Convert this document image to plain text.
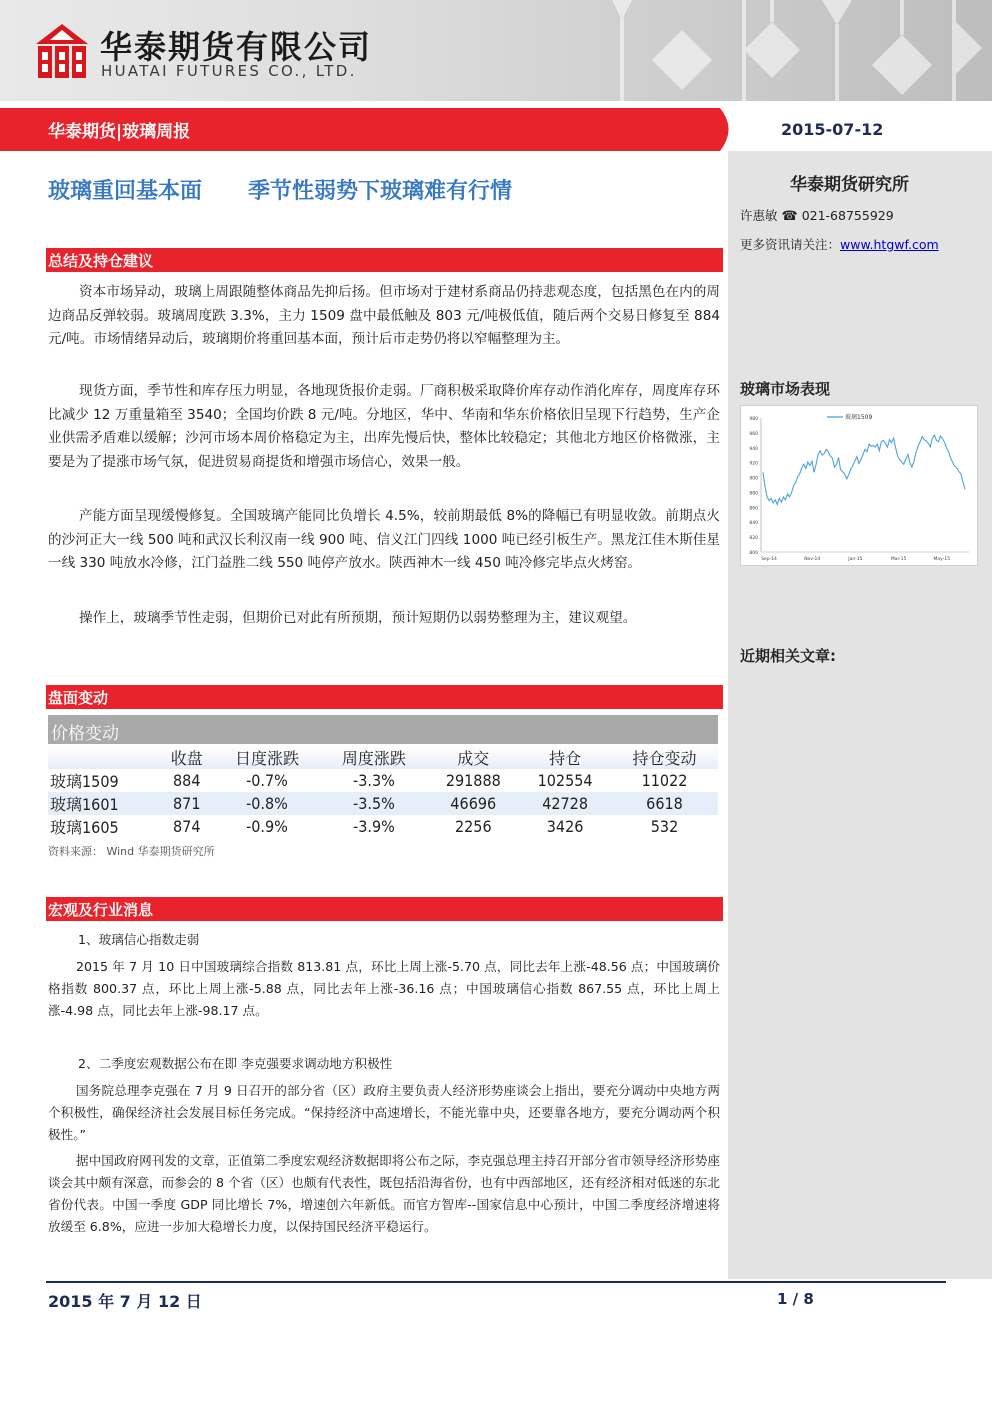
华泰期货有限公司
HUATAI FUTURES CO., LTD.
华泰期货|玻璃周报	2015-07-12
华泰期货研究所
许惠敏 ☎ 021-68755929
更多资讯请关注：www.htgwf.com
玻璃市场表现
980
960
940
920
900
880
860
840
820
800
Sep-14	Nov-14	Jan-15	Mar-15	May-15
玻璃1509
近期相关文章:
玻璃重回基本面 季节性弱势下玻璃难有行情
总结及持仓建议
资本市场异动，玻璃上周跟随整体商品先抑后扬。但市场对于建材系商品仍持悲观态度，包括黑色在内的周边商品反弹较弱。玻璃周度跌 3.3%，主力 1509 盘中最低触及 803 元/吨极低值，随后两个交易日修复至 884 元/吨。市场情绪异动后，玻璃期价将重回基本面，预计后市走势仍将以窄幅整理为主。
现货方面，季节性和库存压力明显，各地现货报价走弱。厂商积极采取降价库存动作消化库存，周度库存环比减少 12 万重量箱至 3540；全国均价跌 8 元/吨。分地区，华中、华南和华东价格依旧呈现下行趋势，生产企业供需矛盾难以缓解；沙河市场本周价格稳定为主，出库先慢后快，整体比较稳定；其他北方地区价格微涨，主要是为了提涨市场气氛，促进贸易商提货和增强市场信心，效果一般。
产能方面呈现缓慢修复。全国玻璃产能同比负增长 4.5%，较前期最低 8%的降幅已有明显收敛。前期点火的沙河正大一线 500 吨和武汉长利汉南一线 900 吨、信义江门四线 1000 吨已经引板生产。黑龙江佳木斯佳星一线 330 吨放水冷修，江门益胜二线 550 吨停产放水。陕西神木一线 450 吨冷修完毕点火烤窑。
操作上，玻璃季节性走弱，但期价已对此有所预期，预计短期仍以弱势整理为主，建议观望。
盘面变动
价格变动
	收盘	日度涨跌	周度涨跌	成交	持仓	持仓变动
玻璃1509	884	-0.7%	-3.3%	291888	102554	11022
玻璃1601	871	-0.8%	-3.5%	46696	42728	6618
玻璃1605	874	-0.9%	-3.9%	2256	3426	532
资料来源： Wind 华泰期货研究所
宏观及行业消息
1、玻璃信心指数走弱
2015 年 7 月 10 日中国玻璃综合指数 813.81 点，环比上周上涨-5.70 点，同比去年上涨-48.56 点；中国玻璃价格指数 800.37 点，环比上周上涨-5.88 点，同比去年上涨-36.16 点；中国玻璃信心指数 867.55 点，环比上周上涨-4.98 点，同比去年上涨-98.17 点。
2、二季度宏观数据公布在即 李克强要求调动地方积极性
国务院总理李克强在 7 月 9 日召开的部分省（区）政府主要负责人经济形势座谈会上指出，要充分调动中央地方两个积极性，确保经济社会发展目标任务完成。“保持经济中高速增长，不能光靠中央，还要靠各地方，要充分调动两个积极性。”
据中国政府网刊发的文章，正值第二季度宏观经济数据即将公布之际，李克强总理主持召开部分省市领导经济形势座谈会其中颇有深意，而参会的 8 个省（区）也颇有代表性，既包括沿海省份，也有中西部地区，还有经济相对低迷的东北省份代表。中国一季度 GDP 同比增长 7%，增速创六年新低。而官方智库--国家信息中心预计，中国二季度经济增速将放缓至 6.8%，应进一步加大稳增长力度，以保持国民经济平稳运行。
2015 年 7 月 12 日	1 / 8
